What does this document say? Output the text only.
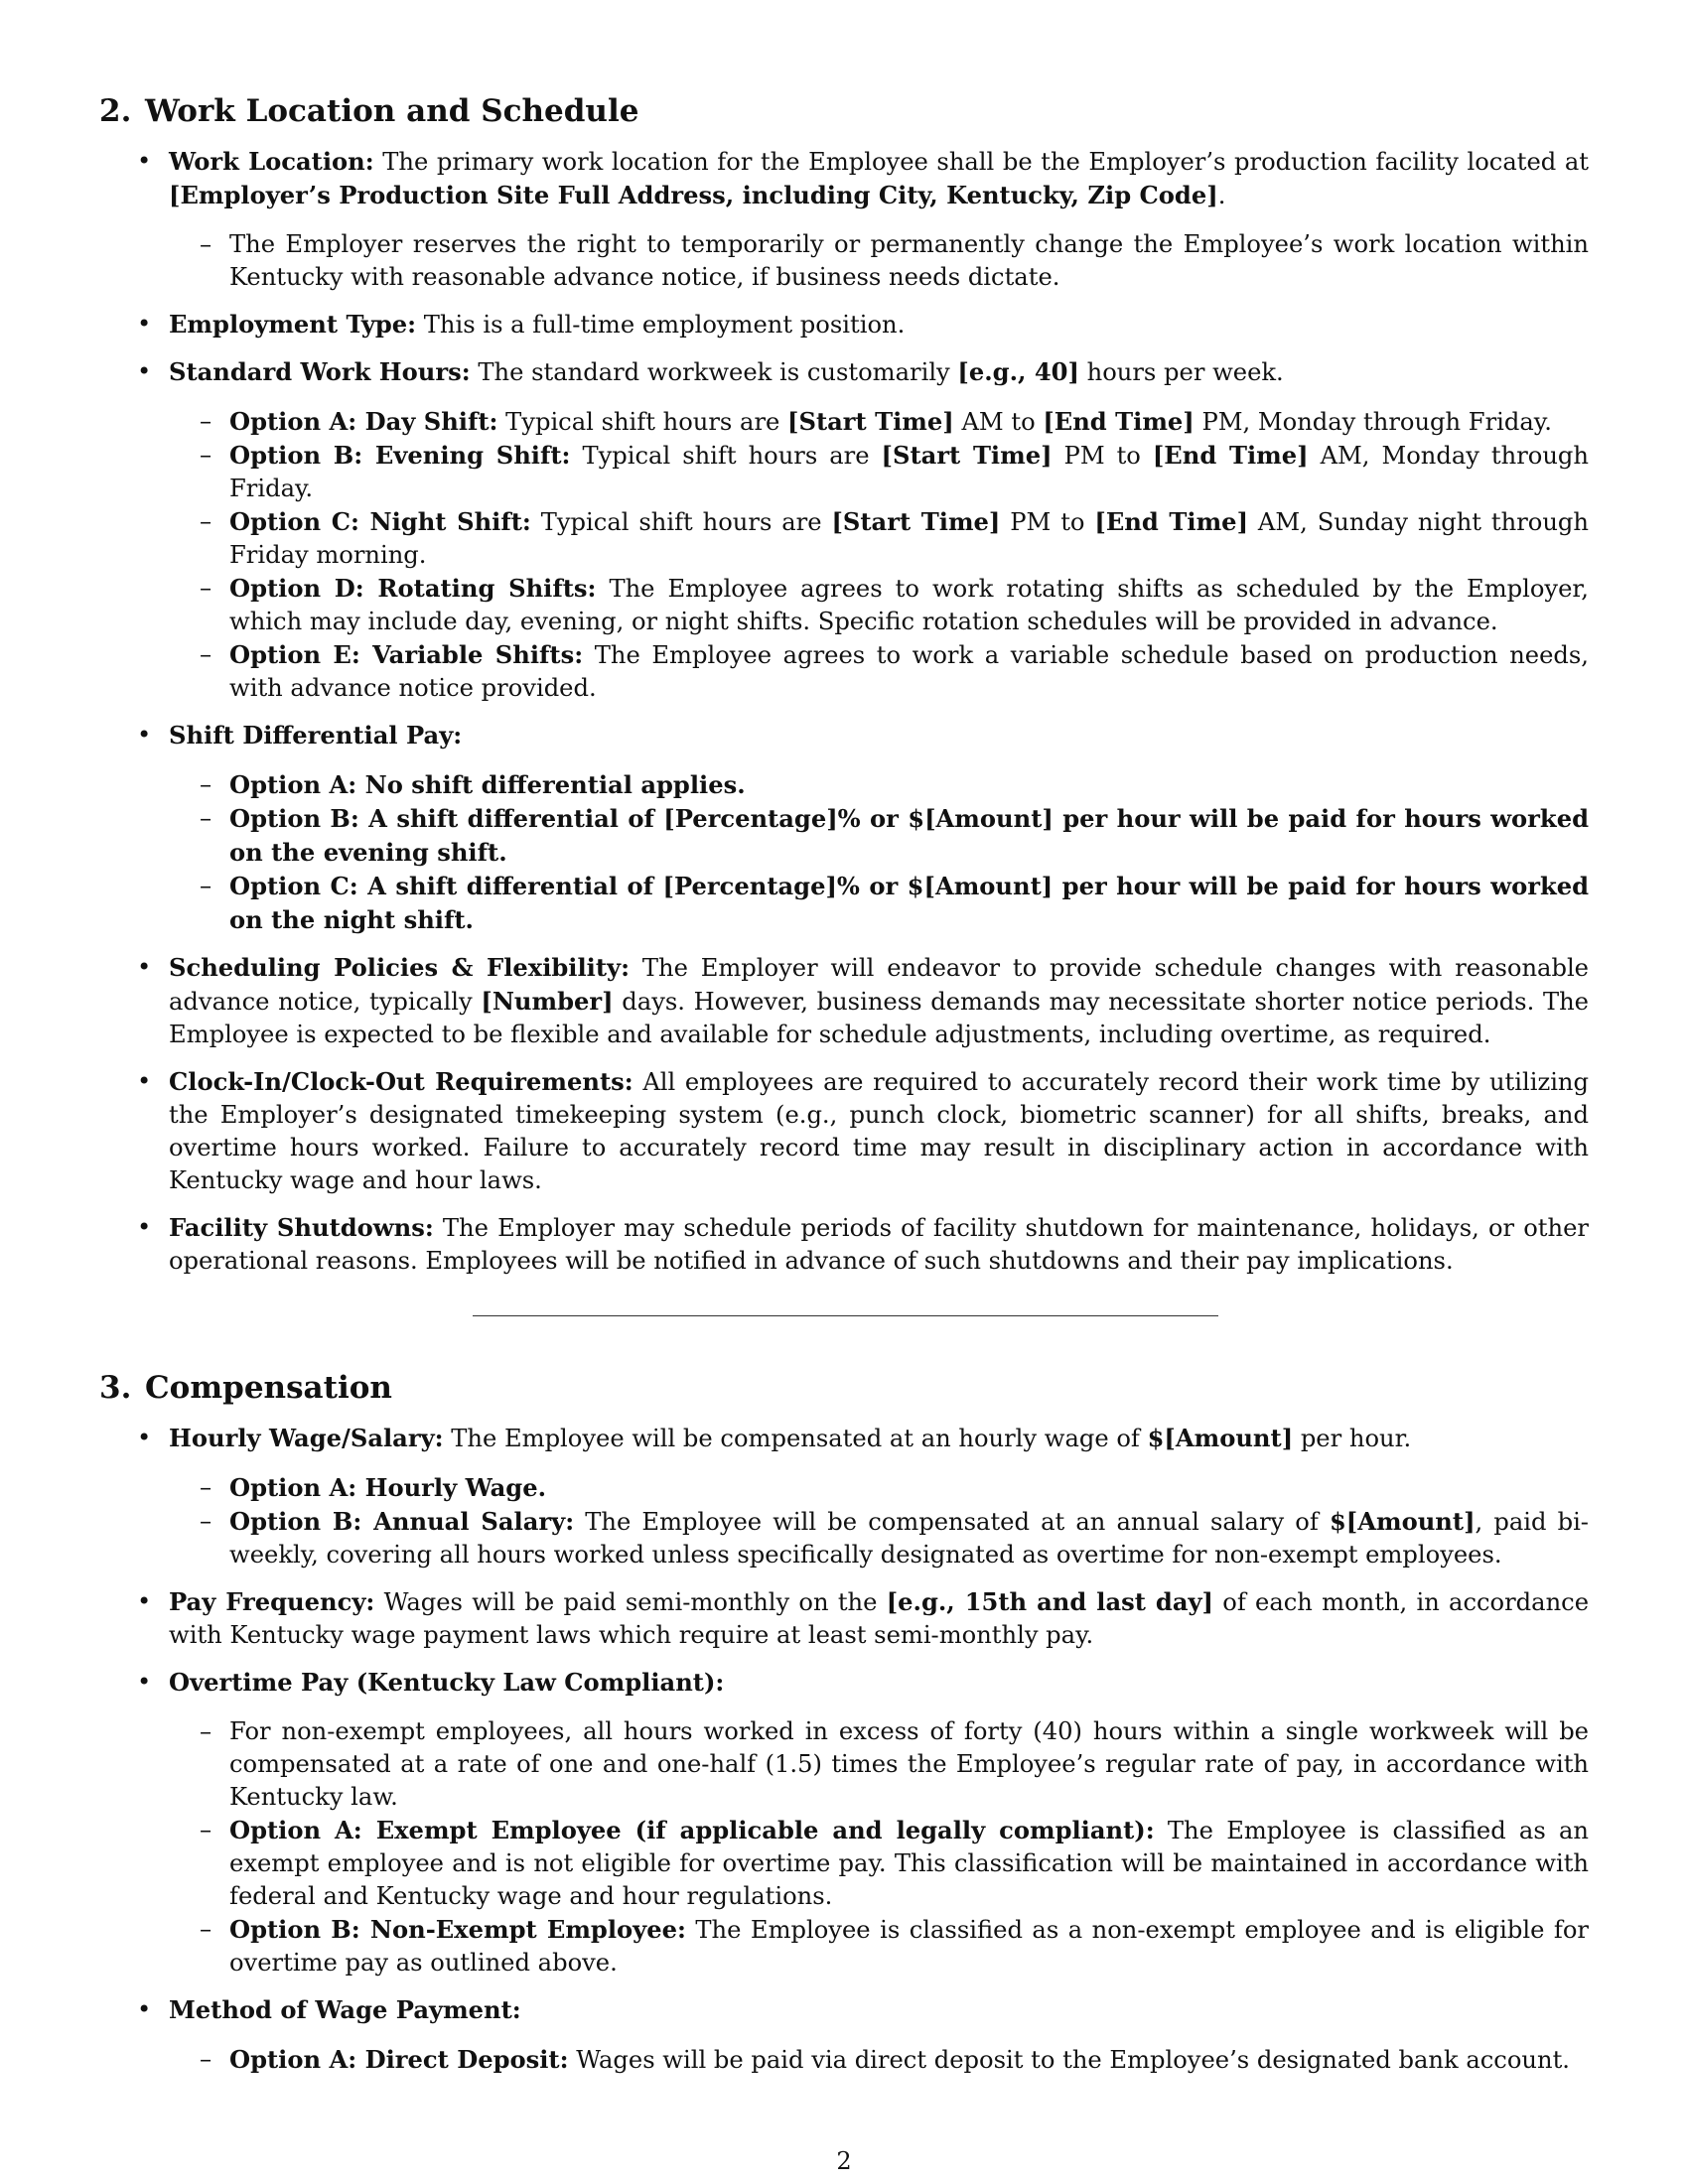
2. Work Location and Schedule
• Work Location: The primary work location for the Employee shall be the Employer’s production facility located at [Employer’s Production Site Full Address, including City, Kentucky, Zip Code].
– The Employer reserves the right to temporarily or permanently change the Employee’s work location within Kentucky with reasonable advance notice, if business needs dictate.
• Employment Type: This is a full-time employment position.
• Standard Work Hours: The standard workweek is customarily [e.g., 40] hours per week.
– Option A: Day Shift: Typical shift hours are [Start Time] AM to [End Time] PM, Monday through Friday.
– Option B: Evening Shift: Typical shift hours are [Start Time] PM to [End Time] AM, Monday through Friday.
– Option C: Night Shift: Typical shift hours are [Start Time] PM to [End Time] AM, Sunday night through Friday morning.
– Option D: Rotating Shifts: The Employee agrees to work rotating shifts as scheduled by the Employer, which may include day, evening, or night shifts. Specific rotation schedules will be provided in advance.
– Option E: Variable Shifts: The Employee agrees to work a variable schedule based on production needs, with advance notice provided.
• Shift Differential Pay:
– Option A: No shift differential applies.
– Option B: A shift differential of [Percentage]% or $[Amount] per hour will be paid for hours worked on the evening shift.
– Option C: A shift differential of [Percentage]% or $[Amount] per hour will be paid for hours worked on the night shift.
• Scheduling Policies & Flexibility: The Employer will endeavor to provide schedule changes with reasonable advance notice, typically [Number] days. However, business demands may necessitate shorter notice periods. The Employee is expected to be flexible and available for schedule adjustments, including overtime, as required.
• Clock-In/Clock-Out Requirements: All employees are required to accurately record their work time by utilizing the Employer’s designated timekeeping system (e.g., punch clock, biometric scanner) for all shifts, breaks, and overtime hours worked. Failure to accurately record time may result in disciplinary action in accordance with Kentucky wage and hour laws.
• Facility Shutdowns: The Employer may schedule periods of facility shutdown for maintenance, holidays, or other operational reasons. Employees will be notified in advance of such shutdowns and their pay implications.
3. Compensation
• Hourly Wage/Salary: The Employee will be compensated at an hourly wage of $[Amount] per hour.
– Option A: Hourly Wage.
– Option B: Annual Salary: The Employee will be compensated at an annual salary of $[Amount], paid bi-weekly, covering all hours worked unless specifically designated as overtime for non-exempt employees.
• Pay Frequency: Wages will be paid semi-monthly on the [e.g., 15th and last day] of each month, in accordance with Kentucky wage payment laws which require at least semi-monthly pay.
• Overtime Pay (Kentucky Law Compliant):
– For non-exempt employees, all hours worked in excess of forty (40) hours within a single workweek will be compensated at a rate of one and one-half (1.5) times the Employee’s regular rate of pay, in accordance with Kentucky law.
– Option A: Exempt Employee (if applicable and legally compliant): The Employee is classified as an exempt employee and is not eligible for overtime pay. This classification will be maintained in accordance with federal and Kentucky wage and hour regulations.
– Option B: Non-Exempt Employee: The Employee is classified as a non-exempt employee and is eligible for overtime pay as outlined above.
• Method of Wage Payment:
– Option A: Direct Deposit: Wages will be paid via direct deposit to the Employee’s designated bank account.
2
